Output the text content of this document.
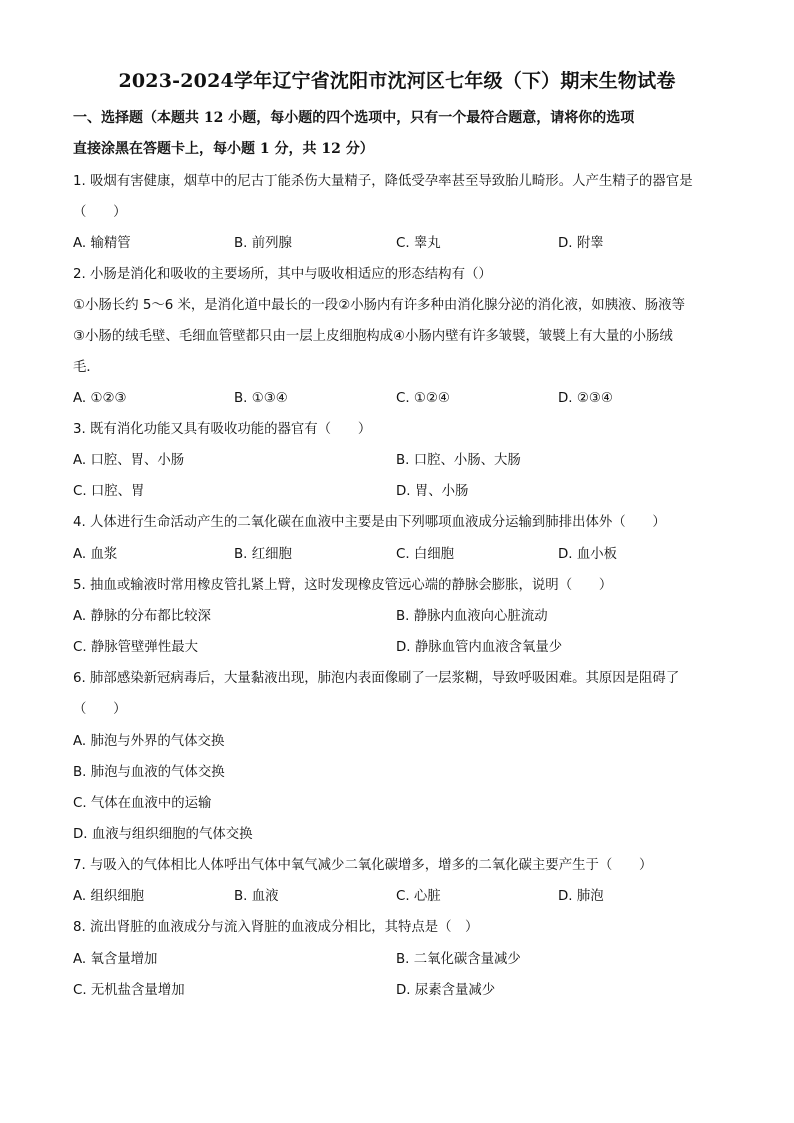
2023-2024学年辽宁省沈阳市沈河区七年级（下）期末生物试卷
一、选择题（本题共 12 小题，每小题的四个选项中，只有一个最符合题意，请将你的选项
直接涂黑在答题卡上，每小题 1 分，共 12 分）
1. 吸烟有害健康，烟草中的尼古丁能杀伤大量精子，降低受孕率甚至导致胎儿畸形。人产生精子的器官是
（　　）
A. 输精管	B. 前列腺	C. 睾丸	D. 附睾
2. 小肠是消化和吸收的主要场所，其中与吸收相适应的形态结构有（）
①小肠长约 5～6 米，是消化道中最长的一段②小肠内有许多种由消化腺分泌的消化液，如胰液、肠液等
③小肠的绒毛壁、毛细血管壁都只由一层上皮细胞构成④小肠内壁有许多皱襞，皱襞上有大量的小肠绒
毛．
A. ①②③	B. ①③④	C. ①②④	D. ②③④
3. 既有消化功能又具有吸收功能的器官有（　　）
A. 口腔、胃、小肠	B. 口腔、小肠、大肠
C. 口腔、胃	D. 胃、小肠
4. 人体进行生命活动产生的二氧化碳在血液中主要是由下列哪项血液成分运输到肺排出体外（　　）
A. 血浆	B. 红细胞	C. 白细胞	D. 血小板
5. 抽血或输液时常用橡皮管扎紧上臂，这时发现橡皮管远心端的静脉会膨胀，说明（　　）
A. 静脉的分布都比较深	B. 静脉内血液向心脏流动
C. 静脉管壁弹性最大	D. 静脉血管内血液含氧量少
6. 肺部感染新冠病毒后，大量黏液出现，肺泡内表面像刷了一层浆糊，导致呼吸困难。其原因是阻碍了
（　　）
A. 肺泡与外界的气体交换
B. 肺泡与血液的气体交换
C. 气体在血液中的运输
D. 血液与组织细胞的气体交换
7. 与吸入的气体相比人体呼出气体中氧气减少二氧化碳增多，增多的二氧化碳主要产生于（　　）
A. 组织细胞	B. 血液	C. 心脏	D. 肺泡
8. 流出肾脏的血液成分与流入肾脏的血液成分相比，其特点是（　）
A. 氧含量增加	B. 二氧化碳含量减少
C. 无机盐含量增加	D. 尿素含量减少
